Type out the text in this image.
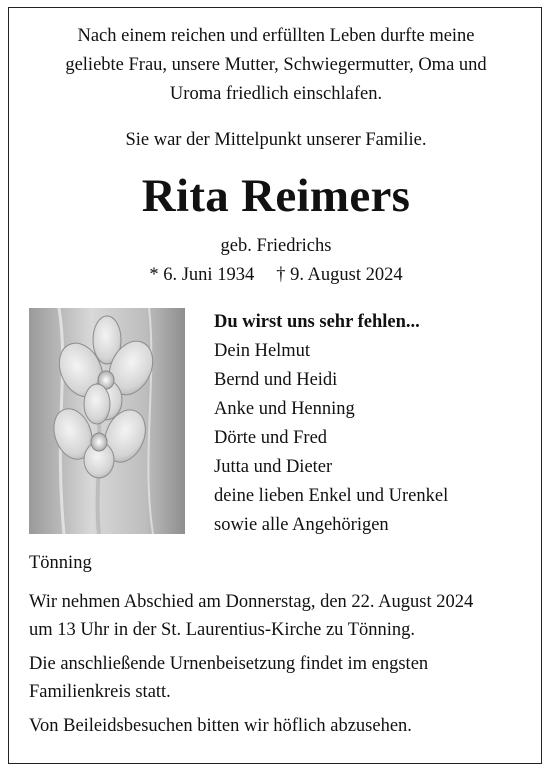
Nach einem reichen und erfüllten Leben durfte meine
geliebte Frau, unsere Mutter, Schwiegermutter, Oma und
Uroma friedlich einschlafen.
Sie war der Mittelpunkt unserer Familie.
Rita Reimers
geb. Friedrichs
* 6. Juni 1934 † 9. August 2024
Du wirst uns sehr fehlen...
Dein Helmut
Bernd und Heidi
Anke und Henning
Dörte und Fred
Jutta und Dieter
deine lieben Enkel und Urenkel
sowie alle Angehörigen
Tönning

Wir nehmen Abschied am Donnerstag, den 22. August 2024
um 13 Uhr in der St. Laurentius-Kirche zu Tönning.

Die anschließende Urnenbeisetzung findet im engsten
Familienkreis statt.

Von Beileidsbesuchen bitten wir höflich abzusehen.
